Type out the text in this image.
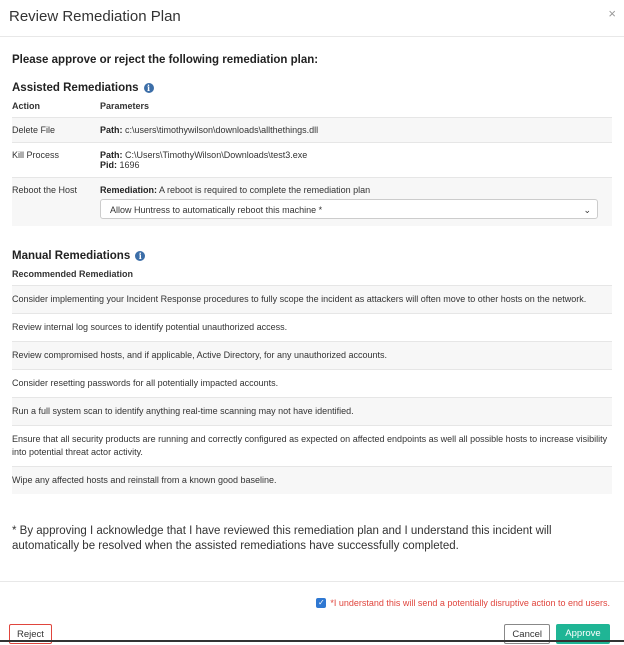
Review Remediation Plan	×
Please approve or reject the following remediation plan:
Assisted Remediations	i
Action	Parameters
Delete File	Path: c:\users\timothywilson\downloads\allthethings.dll
Kill Process	Path: C:\Users\TimothyWilson\Downloads\test3.exe
Pid: 1696

Reboot the Host	Remediation: A reboot is required to complete the remediation plan
Allow Huntress to automatically reboot this machine * ⌄
Manual Remediations	i
Recommended Remediation
Consider implementing your Incident Response procedures to fully scope the incident as attackers will often move to other hosts on the network.
Review internal log sources to identify potential unauthorized access.
Review compromised hosts, and if applicable, Active Directory, for any unauthorized accounts.
Consider resetting passwords for all potentially impacted accounts.
Run a full system scan to identify anything real-time scanning may not have identified.
Ensure that all security products are running and correctly configured as expected on affected endpoints as well all possible hosts to increase visibility into potential threat actor activity.
Wipe any affected hosts and reinstall from a known good baseline.
* By approving I acknowledge that I have reviewed this remediation plan and I understand this incident will automatically be resolved when the assisted remediations have successfully completed.
✓ *I understand this will send a potentially disruptive action to end users.
Reject	Cancel	Approve
